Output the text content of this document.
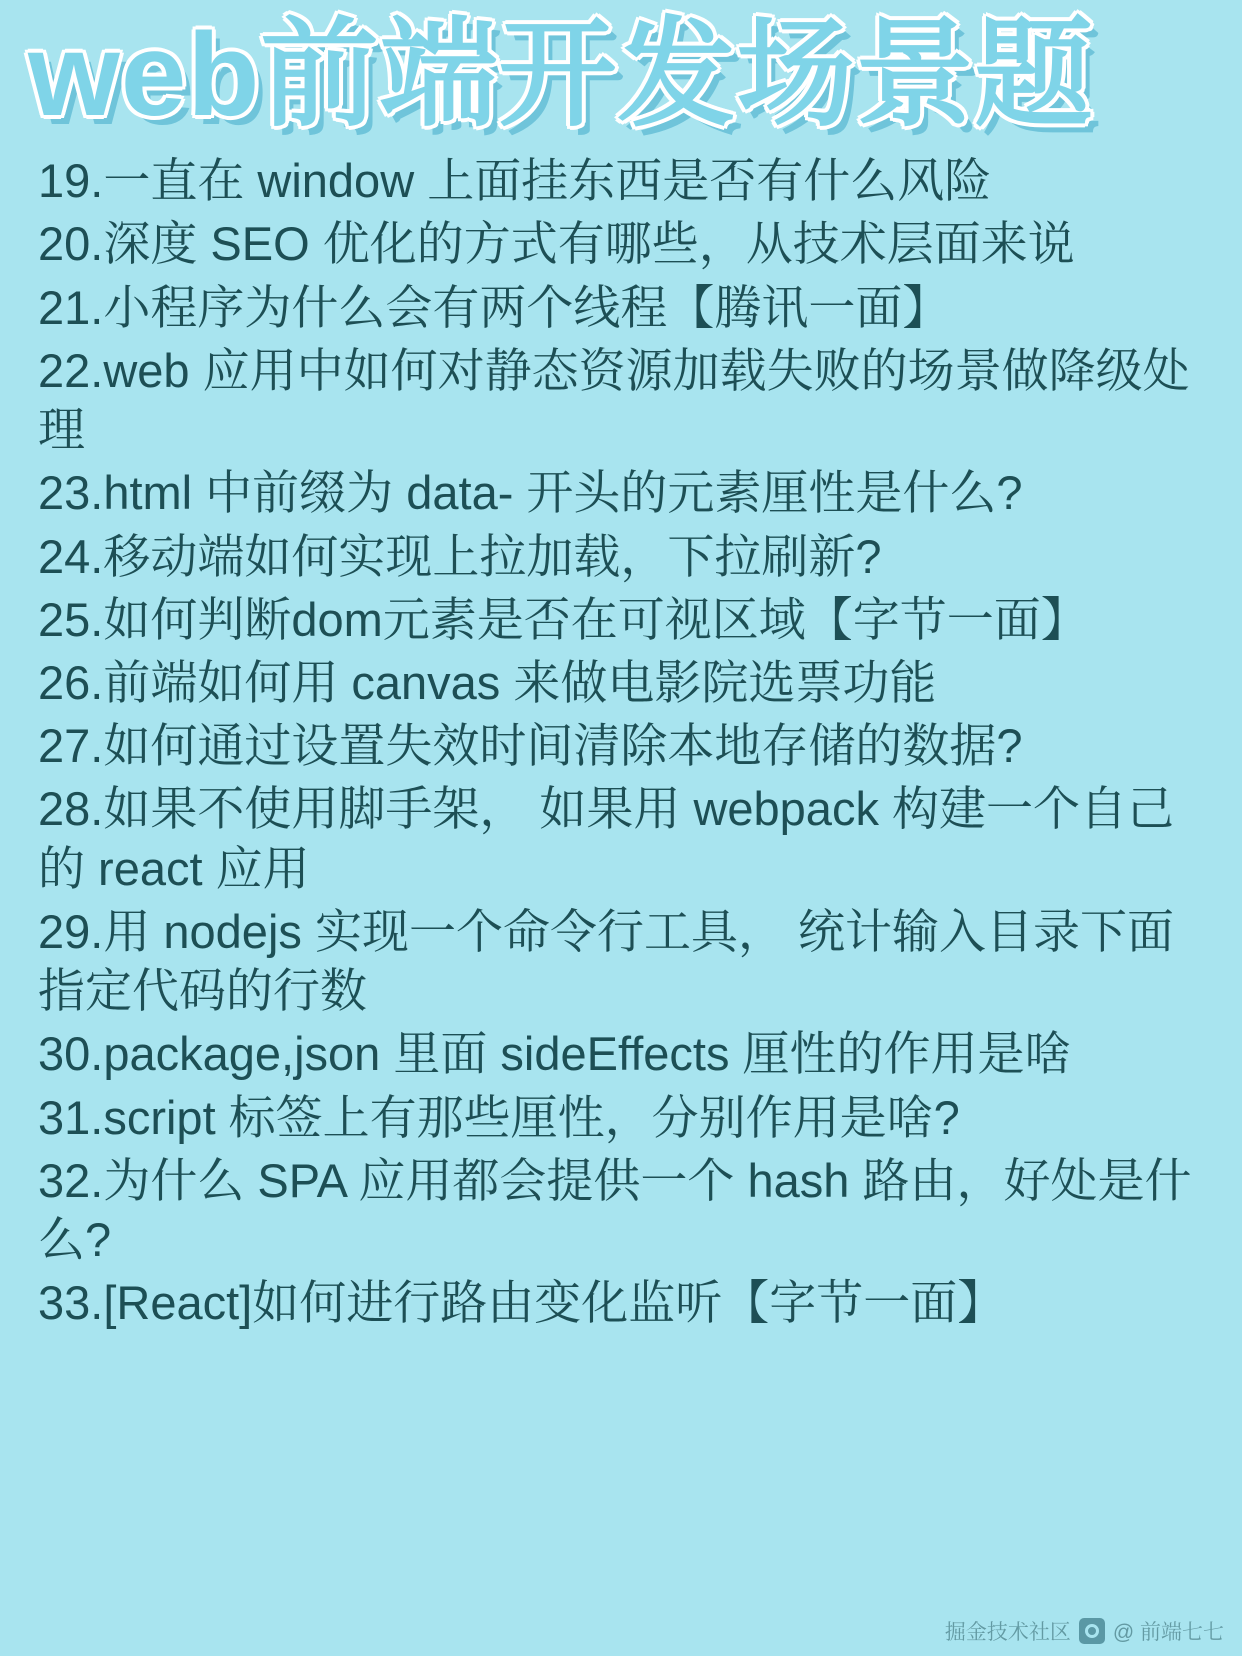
web前端开发场景题
19.一直在 window 上面挂东西是否有什么风险
20.深度 SEO 优化的方式有哪些，从技术层面来说
21.小程序为什么会有两个线程【腾讯一面】
22.web 应用中如何对静态资源加载失败的场景做降级处理
23.html 中前缀为 data- 开头的元素厘性是什么?
24.移动端如何实现上拉加载，下拉刷新?
25.如何判断dom元素是否在可视区域【字节一面】
26.前端如何用 canvas 来做电影院选票功能
27.如何通过设置失效时间清除本地存储的数据?
28.如果不使用脚手架， 如果用 webpack 构建一个自己的 react 应用
29.用 nodejs 实现一个命令行工具， 统计输入目录下面指定代码的行数
30.package,json 里面 sideEffects 厘性的作用是啥
31.script 标签上有那些厘性，分别作用是啥?
32.为什么 SPA 应用都会提供一个 hash 路由，好处是什么?
33.[React]如何进行路由变化监听【字节一面】
掘金技术社区 @ 前端七七
